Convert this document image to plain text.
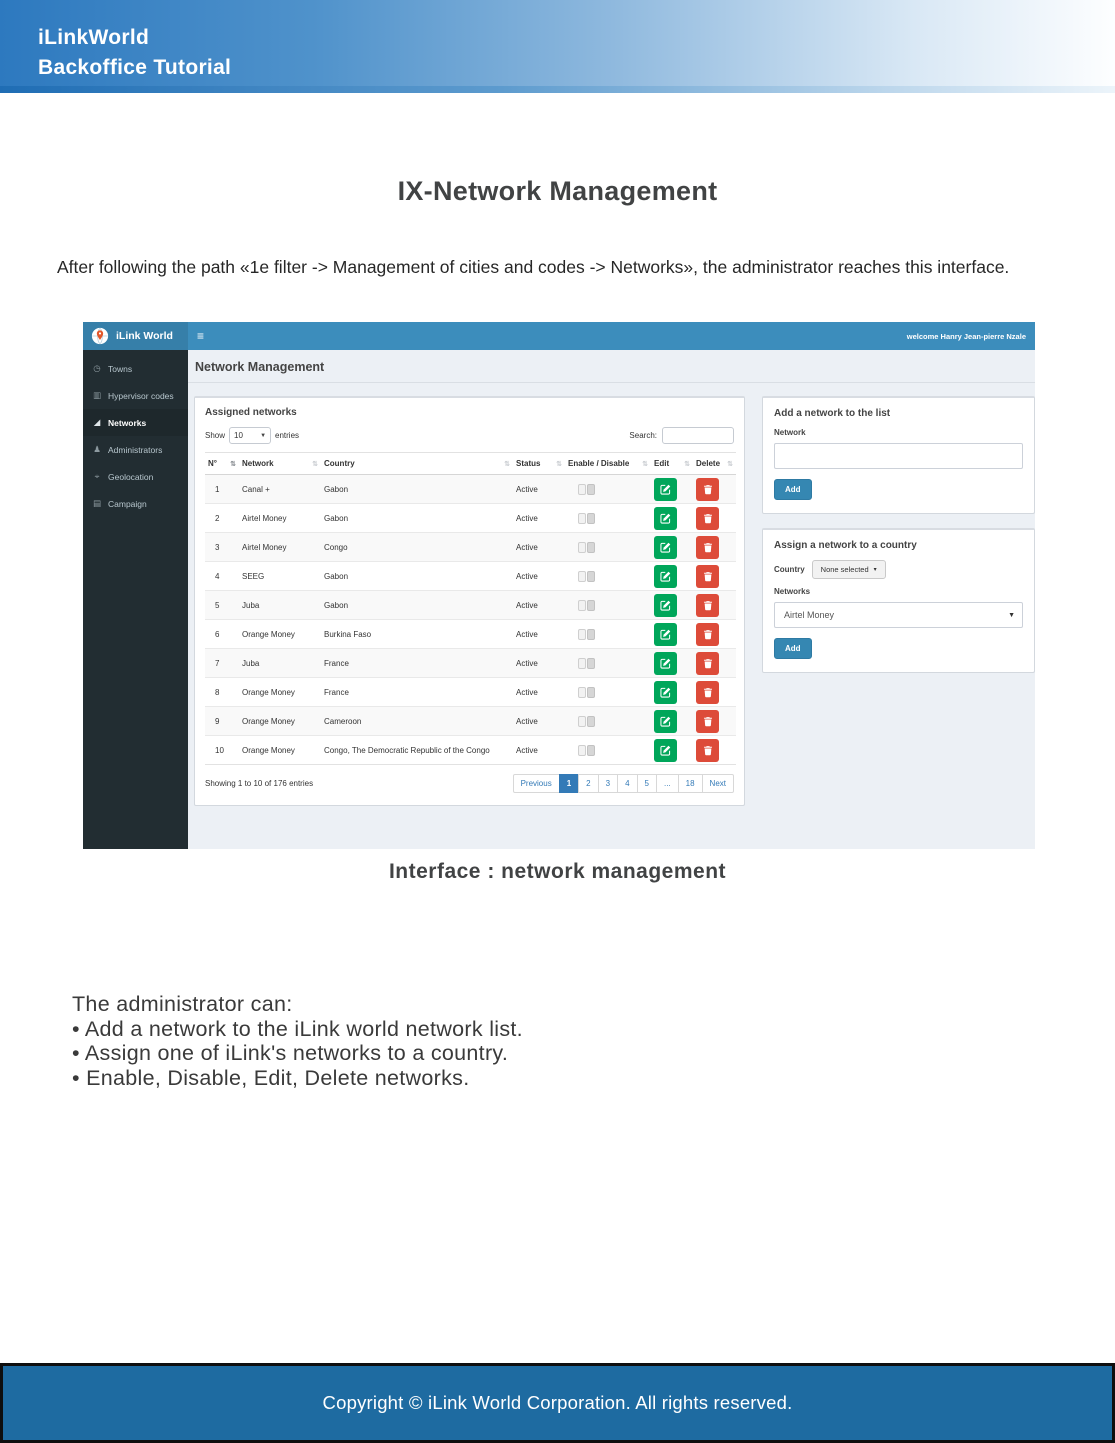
iLinkWorld
Backoffice Tutorial
IX-Network Management

After following the path «1e filter -> Management of cities and codes -> Networks», the administrator reaches this interface.

iLink World ≡	welcome Hanry Jean-pierre Nzale
◷ Towns
▥ Hypervisor codes
◢ Networks
♟ Administrators
⌖	Geolocation
▤ Campaign
Network Management
Assigned networks
Show 10	▼ entries	Search:
N° ⇅	Network ⇅	Country ⇅	Status ⇅	Enable / Disable ⇅	Edit ⇅	Delete ⇅

1	Canal +	Gabon	Active	

2	Airtel Money	Gabon	Active	

3	Airtel Money	Congo	Active	

4	SEEG	Gabon	Active	

5	Juba	Gabon	Active	

6	Orange Money	Burkina Faso	Active	

7	Juba	France	Active	

8	Orange Money	France	Active	

9	Orange Money	Cameroon	Active	

10	Orange Money	Congo, The Democratic Republic of the Congo	Active	

Showing 1 to 10 of 176 entries	Previous	1	2	3	4	5	...	18	Next
Add a network to the list
Network
Add
Assign a network to a country
Country None selected ▾
Networks
Airtel Money	▼
Add
Interface : network management
The administrator can:
• Add a network to the iLink world network list.
• Assign one of iLink's networks to a country.
• Enable, Disable, Edit, Delete networks.
Copyright © iLink World Corporation. All rights reserved.
